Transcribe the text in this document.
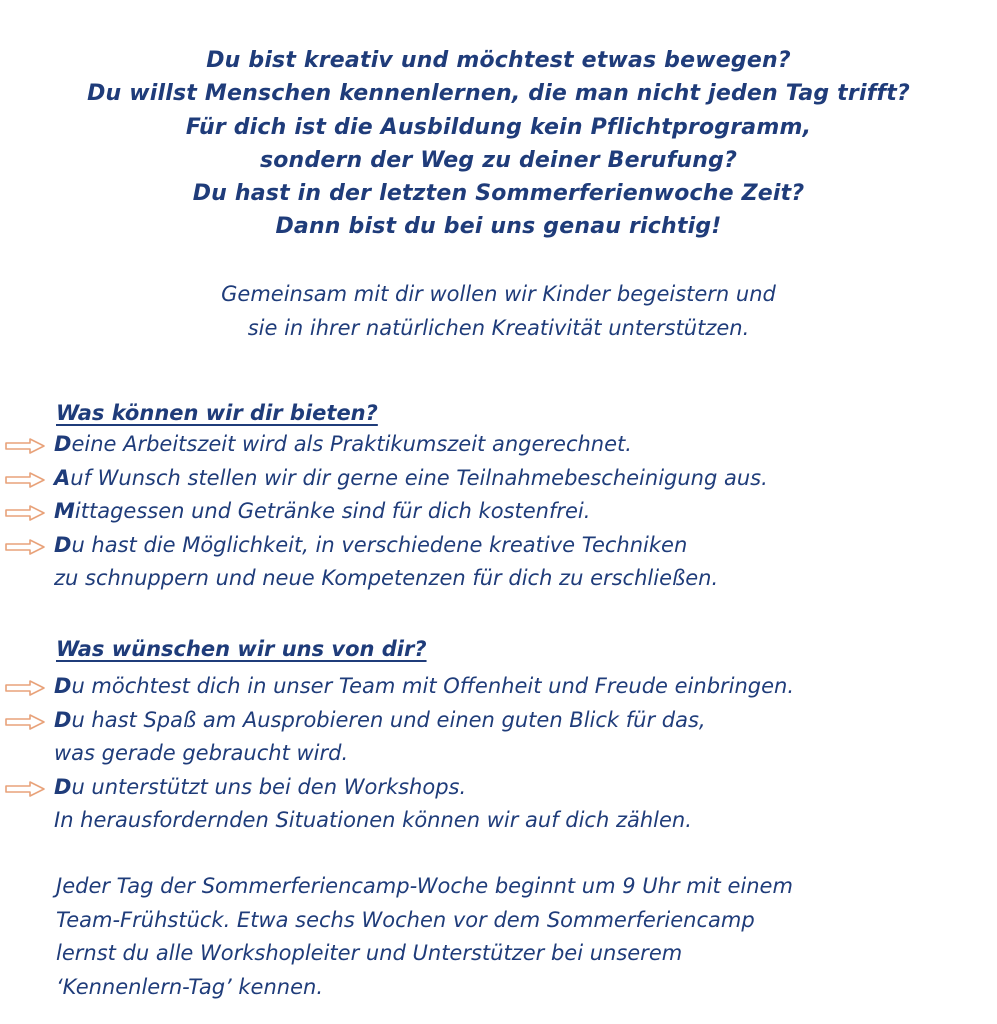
Du bist kreativ und möchtest etwas bewegen?
Du willst Menschen kennenlernen, die man nicht jeden Tag trifft?
Für dich ist die Ausbildung kein Pflichtprogramm,
sondern der Weg zu deiner Berufung?
Du hast in der letzten Sommerferienwoche Zeit?
Dann bist du bei uns genau richtig!
Gemeinsam mit dir wollen wir Kinder begeistern und
sie in ihrer natürlichen Kreativität unterstützen.
Was können wir dir bieten?
Deine Arbeitszeit wird als Praktikumszeit angerechnet.
Auf Wunsch stellen wir dir gerne eine Teilnahmebescheinigung aus.
Mittagessen und Getränke sind für dich kostenfrei.
Du hast die Möglichkeit, in verschiedene kreative Techniken
zu schnuppern und neue Kompetenzen für dich zu erschließen.
Was wünschen wir uns von dir?
Du möchtest dich in unser Team mit Offenheit und Freude einbringen.
Du hast Spaß am Ausprobieren und einen guten Blick für das,
was gerade gebraucht wird.
Du unterstützt uns bei den Workshops.
In herausfordernden Situationen können wir auf dich zählen.
Jeder Tag der Sommerferiencamp-Woche beginnt um 9 Uhr mit einem
Team-Frühstück. Etwa sechs Wochen vor dem Sommerferiencamp
lernst du alle Workshopleiter und Unterstützer bei unserem
‘Kennenlern-Tag’ kennen.
